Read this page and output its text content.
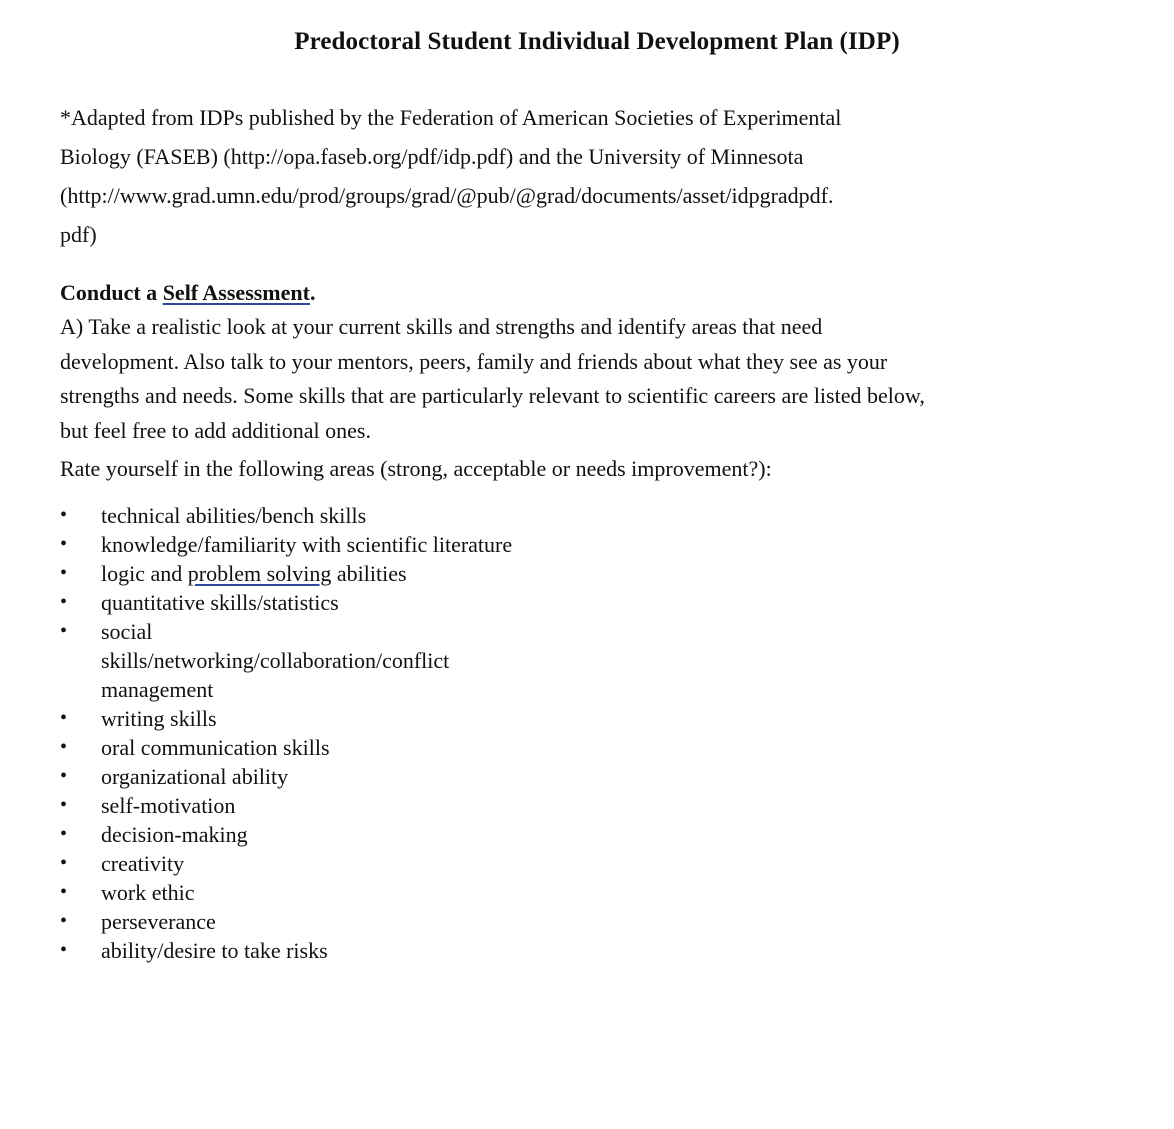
Predoctoral Student Individual Development Plan (IDP)

*Adapted from IDPs published by the Federation of American Societies of Experimental
Biology (FASEB) (http://opa.faseb.org/pdf/idp.pdf) and the University of Minnesota
(http://www.grad.umn.edu/prod/groups/grad/@pub/@grad/documents/asset/idpgradpdf.
pdf)

Conduct a Self Assessment.

A) Take a realistic look at your current skills and strengths and identify areas that need
development. Also talk to your mentors, peers, family and friends about what they see as your
strengths and needs. Some skills that are particularly relevant to scientific careers are listed below,
but feel free to add additional ones.

Rate yourself in the following areas (strong, acceptable or needs improvement?):
•	technical abilities/bench skills
•	knowledge/familiarity with scientific literature
•	logic and problem solving abilities
•	quantitative skills/statistics
•	social
skills/networking/collaboration/conflict
management
•	writing skills
•	oral communication skills
•	organizational ability
•	self-motivation
•	decision-making
•	creativity
•	work ethic
•	perseverance
•	ability/desire to take risks
